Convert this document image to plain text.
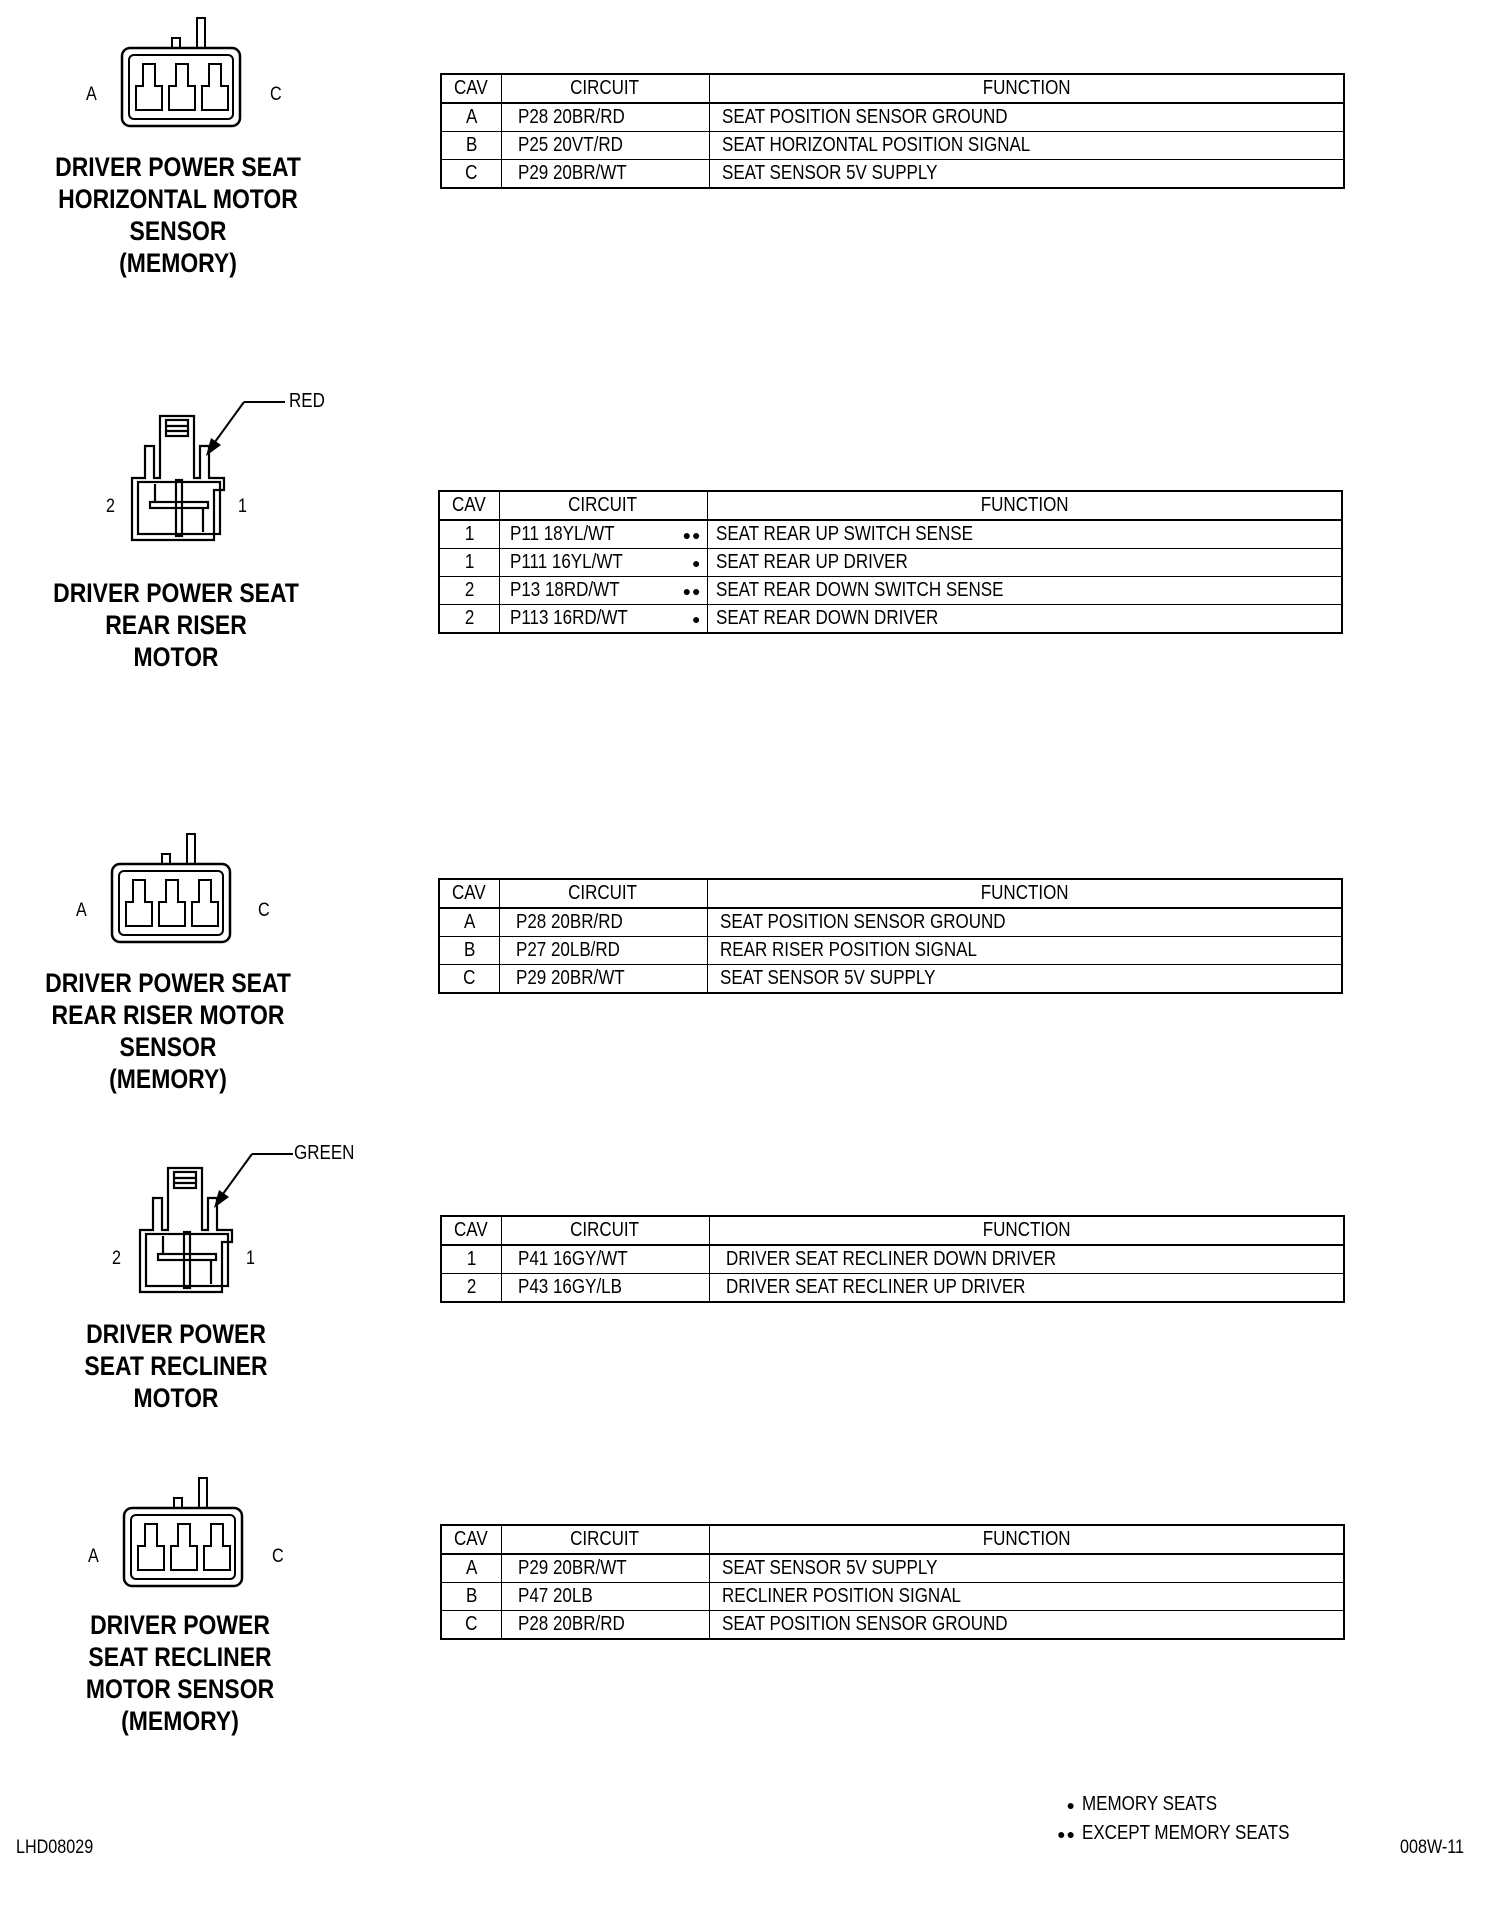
A	C
DRIVER POWER SEAT
HORIZONTAL MOTOR
SENSOR
(MEMORY)
CAV	CIRCUIT	FUNCTION
A	P28 20BR/RD	SEAT POSITION SENSOR GROUND
B	P25 20VT/RD	SEAT HORIZONTAL POSITION SIGNAL
C	P29 20BR/WT	SEAT SENSOR 5V SUPPLY
RED
2	1
DRIVER POWER SEAT
REAR RISER
MOTOR
CAV	CIRCUIT	FUNCTION
1	P11 18YL/WT ●●	SEAT REAR UP SWITCH SENSE
1	P111 16YL/WT ●	SEAT REAR UP DRIVER
2	P13 18RD/WT ●●	SEAT REAR DOWN SWITCH SENSE
2	P113 16RD/WT ●	SEAT REAR DOWN DRIVER
A	C
DRIVER POWER SEAT
REAR RISER MOTOR
SENSOR
(MEMORY)
CAV	CIRCUIT	FUNCTION
A	P28 20BR/RD	SEAT POSITION SENSOR GROUND
B	P27 20LB/RD	REAR RISER POSITION SIGNAL
C	P29 20BR/WT	SEAT SENSOR 5V SUPPLY
GREEN
2	1
DRIVER POWER
SEAT RECLINER
MOTOR
CAV	CIRCUIT	FUNCTION
1	P41 16GY/WT	DRIVER SEAT RECLINER DOWN DRIVER
2	P43 16GY/LB	DRIVER SEAT RECLINER UP DRIVER
A	C
DRIVER POWER
SEAT RECLINER
MOTOR SENSOR
(MEMORY)
CAV	CIRCUIT	FUNCTION
A	P29 20BR/WT	SEAT SENSOR 5V SUPPLY
B	P47 20LB	RECLINER POSITION SIGNAL
C	P28 20BR/RD	SEAT POSITION SENSOR GROUND
● MEMORY SEATS
●● EXCEPT MEMORY SEATS
LHD08029	008W-11
